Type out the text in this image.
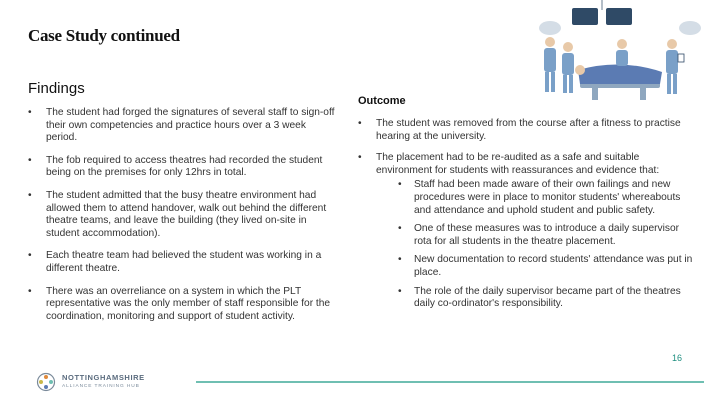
Case Study continued
Findings
• The student had forged the signatures of several staff to sign-off their own competencies and practice hours over a 3 week period.
• The fob required to access theatres had recorded the student being on the premises for only 12hrs in total.
• The student admitted that the busy theatre environment had allowed them to attend handover, walk out behind the different theatre teams, and leave the building (they lived on-site in student accommodation).
• Each theatre team had believed the student was working in a different theatre.
• There was an overreliance on a system in which the PLT representative was the only member of staff responsible for the coordination, monitoring and support of student activity.
Outcome
• The student was removed from the course after a fitness to practise hearing at the university.
• The placement had to be re-audited as a safe and suitable environment for students with reassurances and evidence that:
• Staff had been made aware of their own failings and new procedures were in place to monitor students' whereabouts and attendance and uphold student and public safety.
• One of these measures was to introduce a daily supervisor rota for all students in the theatre placement.
• New documentation to record students' attendance was put in place.
• The role of the daily supervisor became part of the theatres daily co-ordinator's responsibility.
NOTTINGHAMSHIRE
ALLIANCE TRAINING HUB
16
